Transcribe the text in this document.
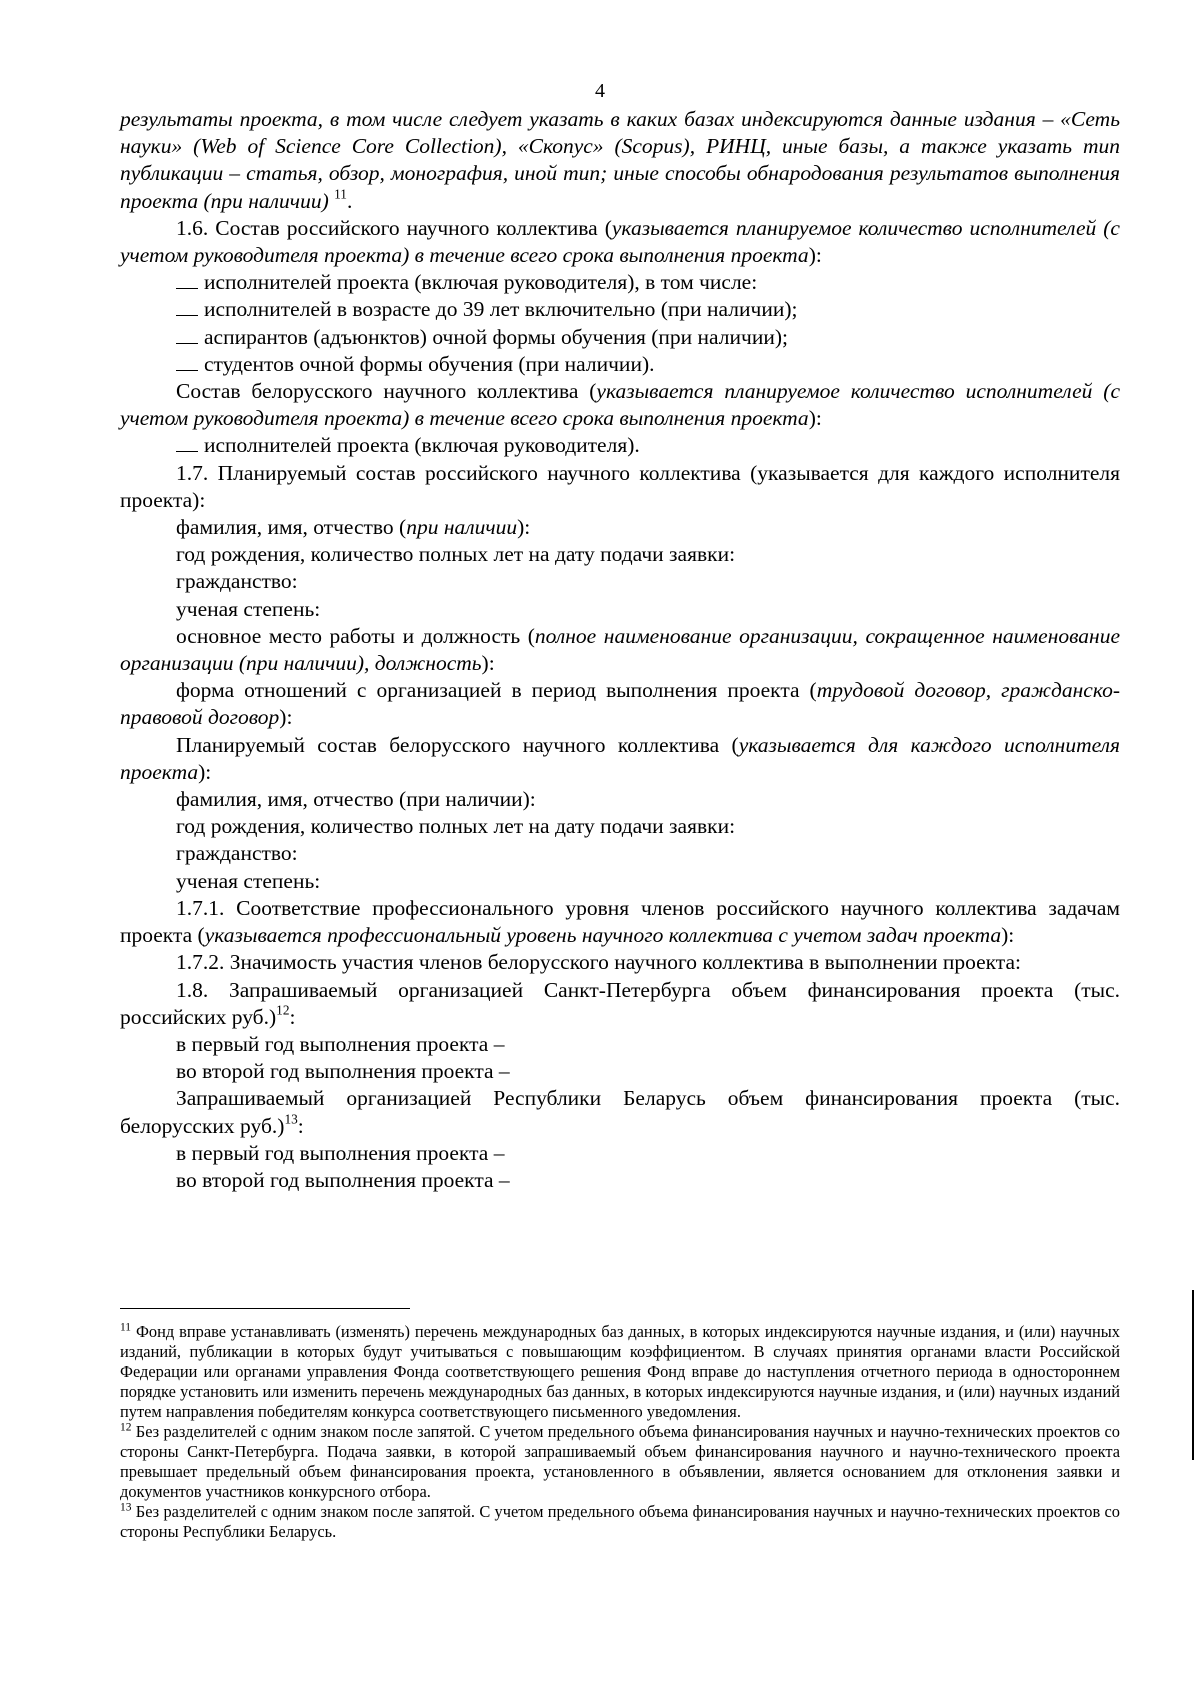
4

результаты проекта, в том числе следует указать в каких базах индексируются данные издания – «Сеть науки» (Web of Science Core Collection), «Скопус» (Scopus), РИНЦ, иные базы, а также указать тип публикации – статья, обзор, монография, иной тип; иные способы обнародования результатов выполнения проекта (при наличии) $^{11}$.

1.6. Состав российского научного коллектива (указывается планируемое количество исполнителей (с учетом руководителя проекта) в течение всего срока выполнения проекта):

исполнителей проекта (включая руководителя), в том числе:

исполнителей в возрасте до 39 лет включительно (при наличии);

аспирантов (адъюнктов) очной формы обучения (при наличии);

студентов очной формы обучения (при наличии).

Состав белорусского научного коллектива (указывается планируемое количество исполнителей (с учетом руководителя проекта) в течение всего срока выполнения проекта):

исполнителей проекта (включая руководителя).

1.7. Планируемый состав российского научного коллектива (указывается для каждого исполнителя проекта):

фамилия, имя, отчество (при наличии):

год рождения, количество полных лет на дату подачи заявки:

гражданство:

ученая степень:

основное место работы и должность (полное наименование организации, сокращенное наименование организации (при наличии), должность):

форма отношений с организацией в период выполнения проекта (трудовой договор, гражданско-правовой договор):

Планируемый состав белорусского научного коллектива (указывается для каждого исполнителя проекта):

фамилия, имя, отчество (при наличии):

год рождения, количество полных лет на дату подачи заявки:

гражданство:

ученая степень:

1.7.1. Соответствие профессионального уровня членов российского научного коллектива задачам проекта (указывается профессиональный уровень научного коллектива с учетом задач проекта):

1.7.2. Значимость участия членов белорусского научного коллектива в выполнении проекта:

1.8. Запрашиваемый организацией Санкт-Петербурга объем финансирования проекта (тыс. российских руб.)$^{12}$:

в первый год выполнения проекта –

во второй год выполнения проекта –

Запрашиваемый организацией Республики Беларусь объем финансирования проекта (тыс. белорусских руб.)$^{13}$:

в первый год выполнения проекта –

во второй год выполнения проекта –

$^{11}$ Фонд вправе устанавливать (изменять) перечень международных баз данных, в которых индексируются научные издания, и (или) научных изданий, публикации в которых будут учитываться с повышающим коэффициентом. В случаях принятия органами власти Российской Федерации или органами управления Фонда соответствующего решения Фонд вправе до наступления отчетного периода в одностороннем порядке установить или изменить перечень международных баз данных, в которых индексируются научные издания, и (или) научных изданий путем направления победителям конкурса соответствующего письменного уведомления.

$^{12}$ Без разделителей с одним знаком после запятой. С учетом предельного объема финансирования научных и научно-технических проектов со стороны Санкт-Петербурга. Подача заявки, в которой запрашиваемый объем финансирования научного и научно-технического проекта превышает предельный объем финансирования проекта, установленного в объявлении, является основанием для отклонения заявки и документов участников конкурсного отбора.

$^{13}$ Без разделителей с одним знаком после запятой. С учетом предельного объема финансирования научных и научно-технических проектов со стороны Республики Беларусь.
